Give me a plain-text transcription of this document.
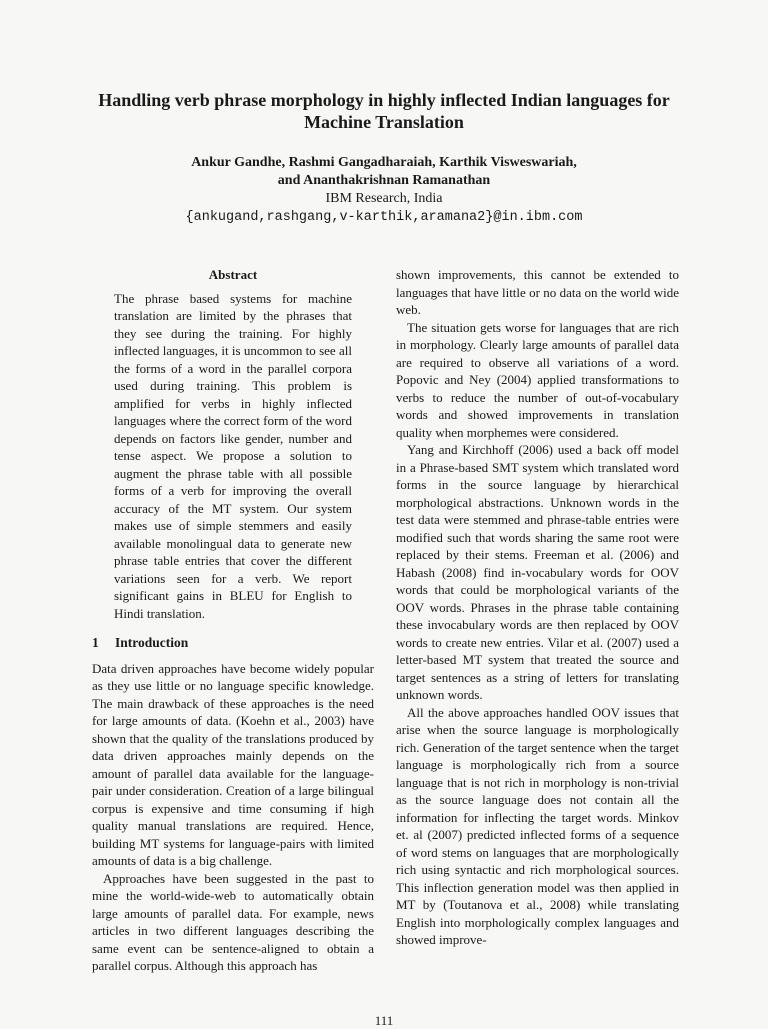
Handling verb phrase morphology in highly inflected Indian languages for
Machine Translation
Ankur Gandhe, Rashmi Gangadharaiah, Karthik Visweswariah,
and Ananthakrishnan Ramanathan
IBM Research, India
{ankugand,rashgang,v-karthik,aramana2}@in.ibm.com
Abstract

The phrase based systems for machine translation are limited by the phrases that they see during the training. For highly inflected languages, it is uncommon to see all the forms of a word in the parallel corpora used during training. This problem is amplified for verbs in highly inflected languages where the correct form of the word depends on factors like gender, number and tense aspect. We propose a solution to augment the phrase table with all possible forms of a verb for improving the overall accuracy of the MT system. Our system makes use of simple stemmers and easily available monolingual data to generate new phrase table entries that cover the different variations seen for a verb. We report significant gains in BLEU for English to Hindi translation.

1 Introduction

Data driven approaches have become widely popular as they use little or no language specific knowledge. The main drawback of these approaches is the need for large amounts of data. (Koehn et al., 2003) have shown that the quality of the translations produced by data driven approaches mainly depends on the amount of parallel data available for the language-pair under consideration. Creation of a large bilingual corpus is expensive and time consuming if high quality manual translations are required. Hence, building MT systems for language-pairs with limited amounts of data is a big challenge.

Approaches have been suggested in the past to mine the world-wide-web to automatically obtain large amounts of parallel data. For example, news articles in two different languages describing the same event can be sentence-aligned to obtain a parallel corpus. Although this approach has

shown improvements, this cannot be extended to languages that have little or no data on the world wide web.

The situation gets worse for languages that are rich in morphology. Clearly large amounts of parallel data are required to observe all variations of a word. Popovic and Ney (2004) applied transformations to verbs to reduce the number of out-of-vocabulary words and showed improvements in translation quality when morphemes were considered.

Yang and Kirchhoff (2006) used a back off model in a Phrase-based SMT system which translated word forms in the source language by hierarchical morphological abstractions. Unknown words in the test data were stemmed and phrase-table entries were modified such that words sharing the same root were replaced by their stems. Freeman et al. (2006) and Habash (2008) find in-vocabulary words for OOV words that could be morphological variants of the OOV words. Phrases in the phrase table containing these invocabulary words are then replaced by OOV words to create new entries. Vilar et al. (2007) used a letter-based MT system that treated the source and target sentences as a string of letters for translating unknown words.

All the above approaches handled OOV issues that arise when the source language is morphologically rich. Generation of the target sentence when the target language is morphologically rich from a source language that is not rich in morphology is non-trivial as the source language does not contain all the information for inflecting the target words. Minkov et. al (2007) predicted inflected forms of a sequence of word stems on languages that are morphologically rich using syntactic and rich morphological sources. This inflection generation model was then applied in MT by (Toutanova et al., 2008) while translating English into morphologically complex languages and showed improve-

111
